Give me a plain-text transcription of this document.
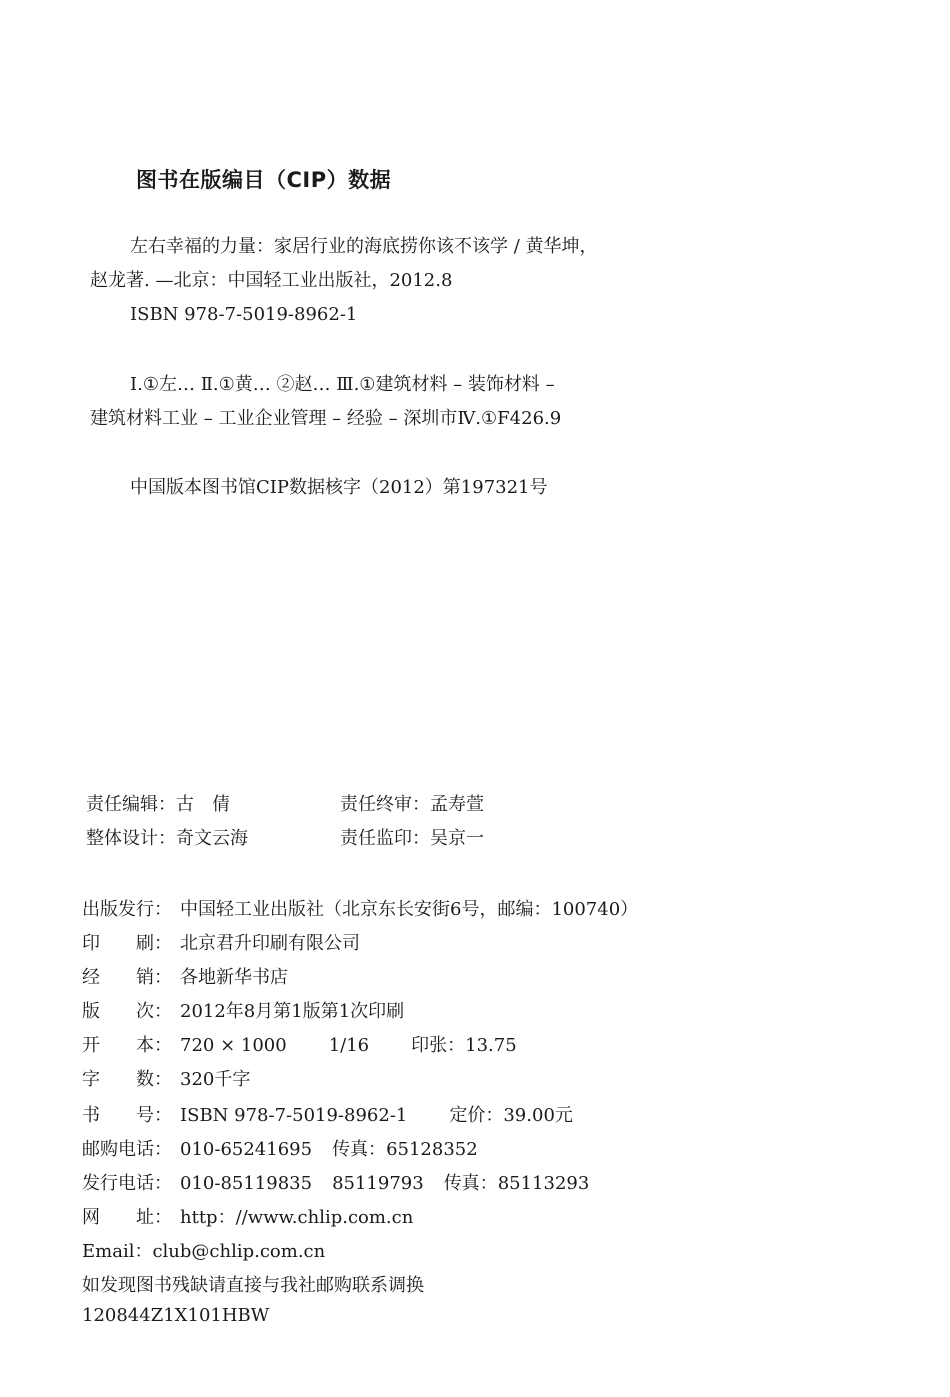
图书在版编目（CIP）数据
左右幸福的力量：家居行业的海底捞你该不该学 / 黄华坤，
赵龙著. —北京：中国轻工业出版社，2012.8
ISBN 978-7-5019-8962-1
Ⅰ.①左… Ⅱ.①黄… ②赵… Ⅲ.①建筑材料 – 装饰材料 –
建筑材料工业 – 工业企业管理 – 经验 – 深圳市Ⅳ.①F426.9
中国版本图书馆CIP数据核字（2012）第197321号
责任编辑：古　倩	责任终审：孟寿萱
整体设计：奇文云海	责任监印：吴京一
出版发行： 中国轻工业出版社（北京东长安街6号，邮编：100740）
印　　刷： 北京君升印刷有限公司
经　　销： 各地新华书店
版　　次： 2012年8月第1版第1次印刷
开　　本： 720 × 1000 1/16 印张：13.75
字　　数： 320千字
书　　号： ISBN 978-7-5019-8962-1 定价：39.00元
邮购电话： 010-65241695 传真：65128352
发行电话： 010-85119835 85119793 传真：85113293
网　　址： http：//www.chlip.com.cn
Email：club@chlip.com.cn
如发现图书残缺请直接与我社邮购联系调换
120844Z1X101HBW
